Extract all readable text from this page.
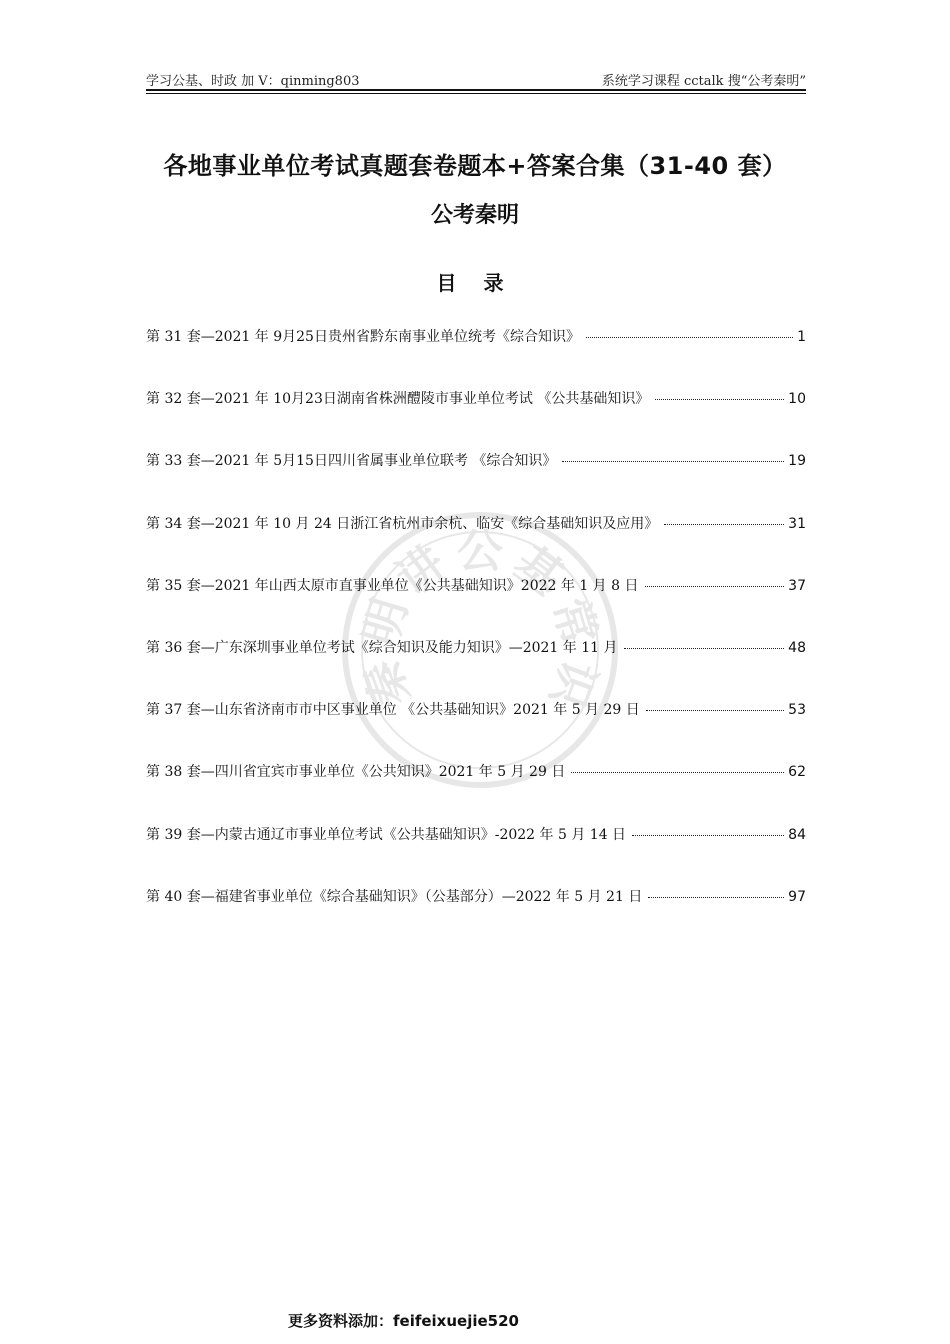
学习公基、时政 加 V：qinming803	系统学习课程 cctalk 搜“公考秦明”
秦
明
讲 公 基
常
识
各地事业单位考试真题套卷题本+答案合集（31-40 套）
公考秦明
目 录
第 31 套—2021 年 9月25日贵州省黔东南事业单位统考《综合知识》	1
第 32 套—2021 年 10月23日湖南省株洲醴陵市事业单位考试 《公共基础知识》	10
第 33 套—2021 年 5月15日四川省属事业单位联考 《综合知识》	19
第 34 套—2021 年 10 月 24 日浙江省杭州市余杭、临安《综合基础知识及应用》	31
第 35 套—2021 年山西太原市直事业单位《公共基础知识》2022 年 1 月 8 日	37
第 36 套—广东深圳事业单位考试《综合知识及能力知识》—2021 年 11 月	48
第 37 套—山东省济南市市中区事业单位 《公共基础知识》2021 年 5 月 29 日	53
第 38 套—四川省宜宾市事业单位《公共知识》2021 年 5 月 29 日	62
第 39 套—内蒙古通辽市事业单位考试《公共基础知识》-2022 年 5 月 14 日	84
第 40 套—福建省事业单位《综合基础知识》（公基部分）—2022 年 5 月 21 日	97
更多资料添加：feifeixuejie520
